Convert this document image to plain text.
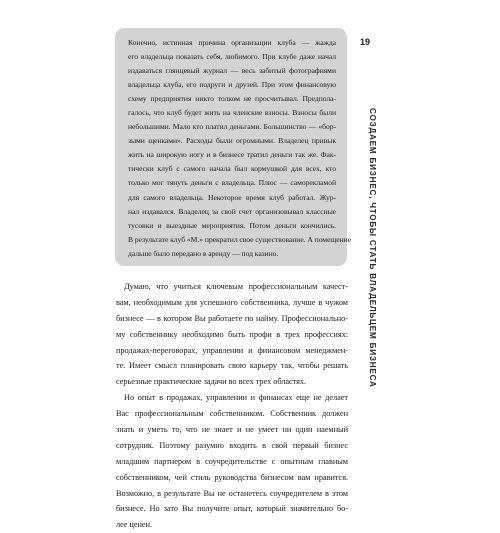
19
СОЗДАЕМ БИЗНЕС, ЧТОБЫ СТАТЬ ВЛАДЕЛЬЦЕМ БИЗНЕСА
Конечно, истинная причина организации клуба — жажда
его владельца показать себя, любимого. При клубе даже начал
издаваться глянцевый журнал — весь забитый фотографиями
владельца клуба, его подруги и друзей. При этом финансовую
схему предприятия никто толком не просчитывал. Предпола-
галось, что клуб будет жить на членские взносы. Взносы были
небольшими. Мало кто платил деньгами. Большинство — «бор-
зыми щенками». Расходы были огромными. Владелец привык
жить на широкую ногу и в бизнесе тратил деньги так же. Фак-
тически клуб с самого начала был кормушкой для всех, кто
только мог тянуть деньги с владельца. Плюс — саморекламой
для самого владельца. Некоторое время клуб работал. Жур-
нал издавался. Владелец за свой счет организовывал классные
тусовки и выездные мероприятия. Потом деньги кончились.
В результате клуб «М.» прекратил свое существование. А помещение
дальше было передано в аренду — под казино.
Думаю, что учиться ключевым профессиональным качест-
вам, необходимым для успешного собственника, лучше в чужом
бизнесе — в котором Вы работаете по найму. Профессионально-
му собственнику необходимо быть профи в трех профессиях:
продажах-переговорах, управлении и финансовом менеджмен-
те. Имеет смысл планировать свою карьеру так, чтобы решать
серьезные практические задачи во всех трех областях.
Но опыт в продажах, управлении и финансах еще не делает
Вас профессиональным собственником. Собственник должен
знать и уметь то, что не знает и не умеет ни один наемный
сотрудник. Поэтому разумно входить в свой первый бизнес
младшим партнером в соучредительстве с опытным главным
собственником, чей стиль руководства бизнесом вам нравится.
Возможно, в результате Вы не останетесь соучредителем в этом
бизнесе. Но зато Вы получите опыт, который значительно бо-
лее ценен.
